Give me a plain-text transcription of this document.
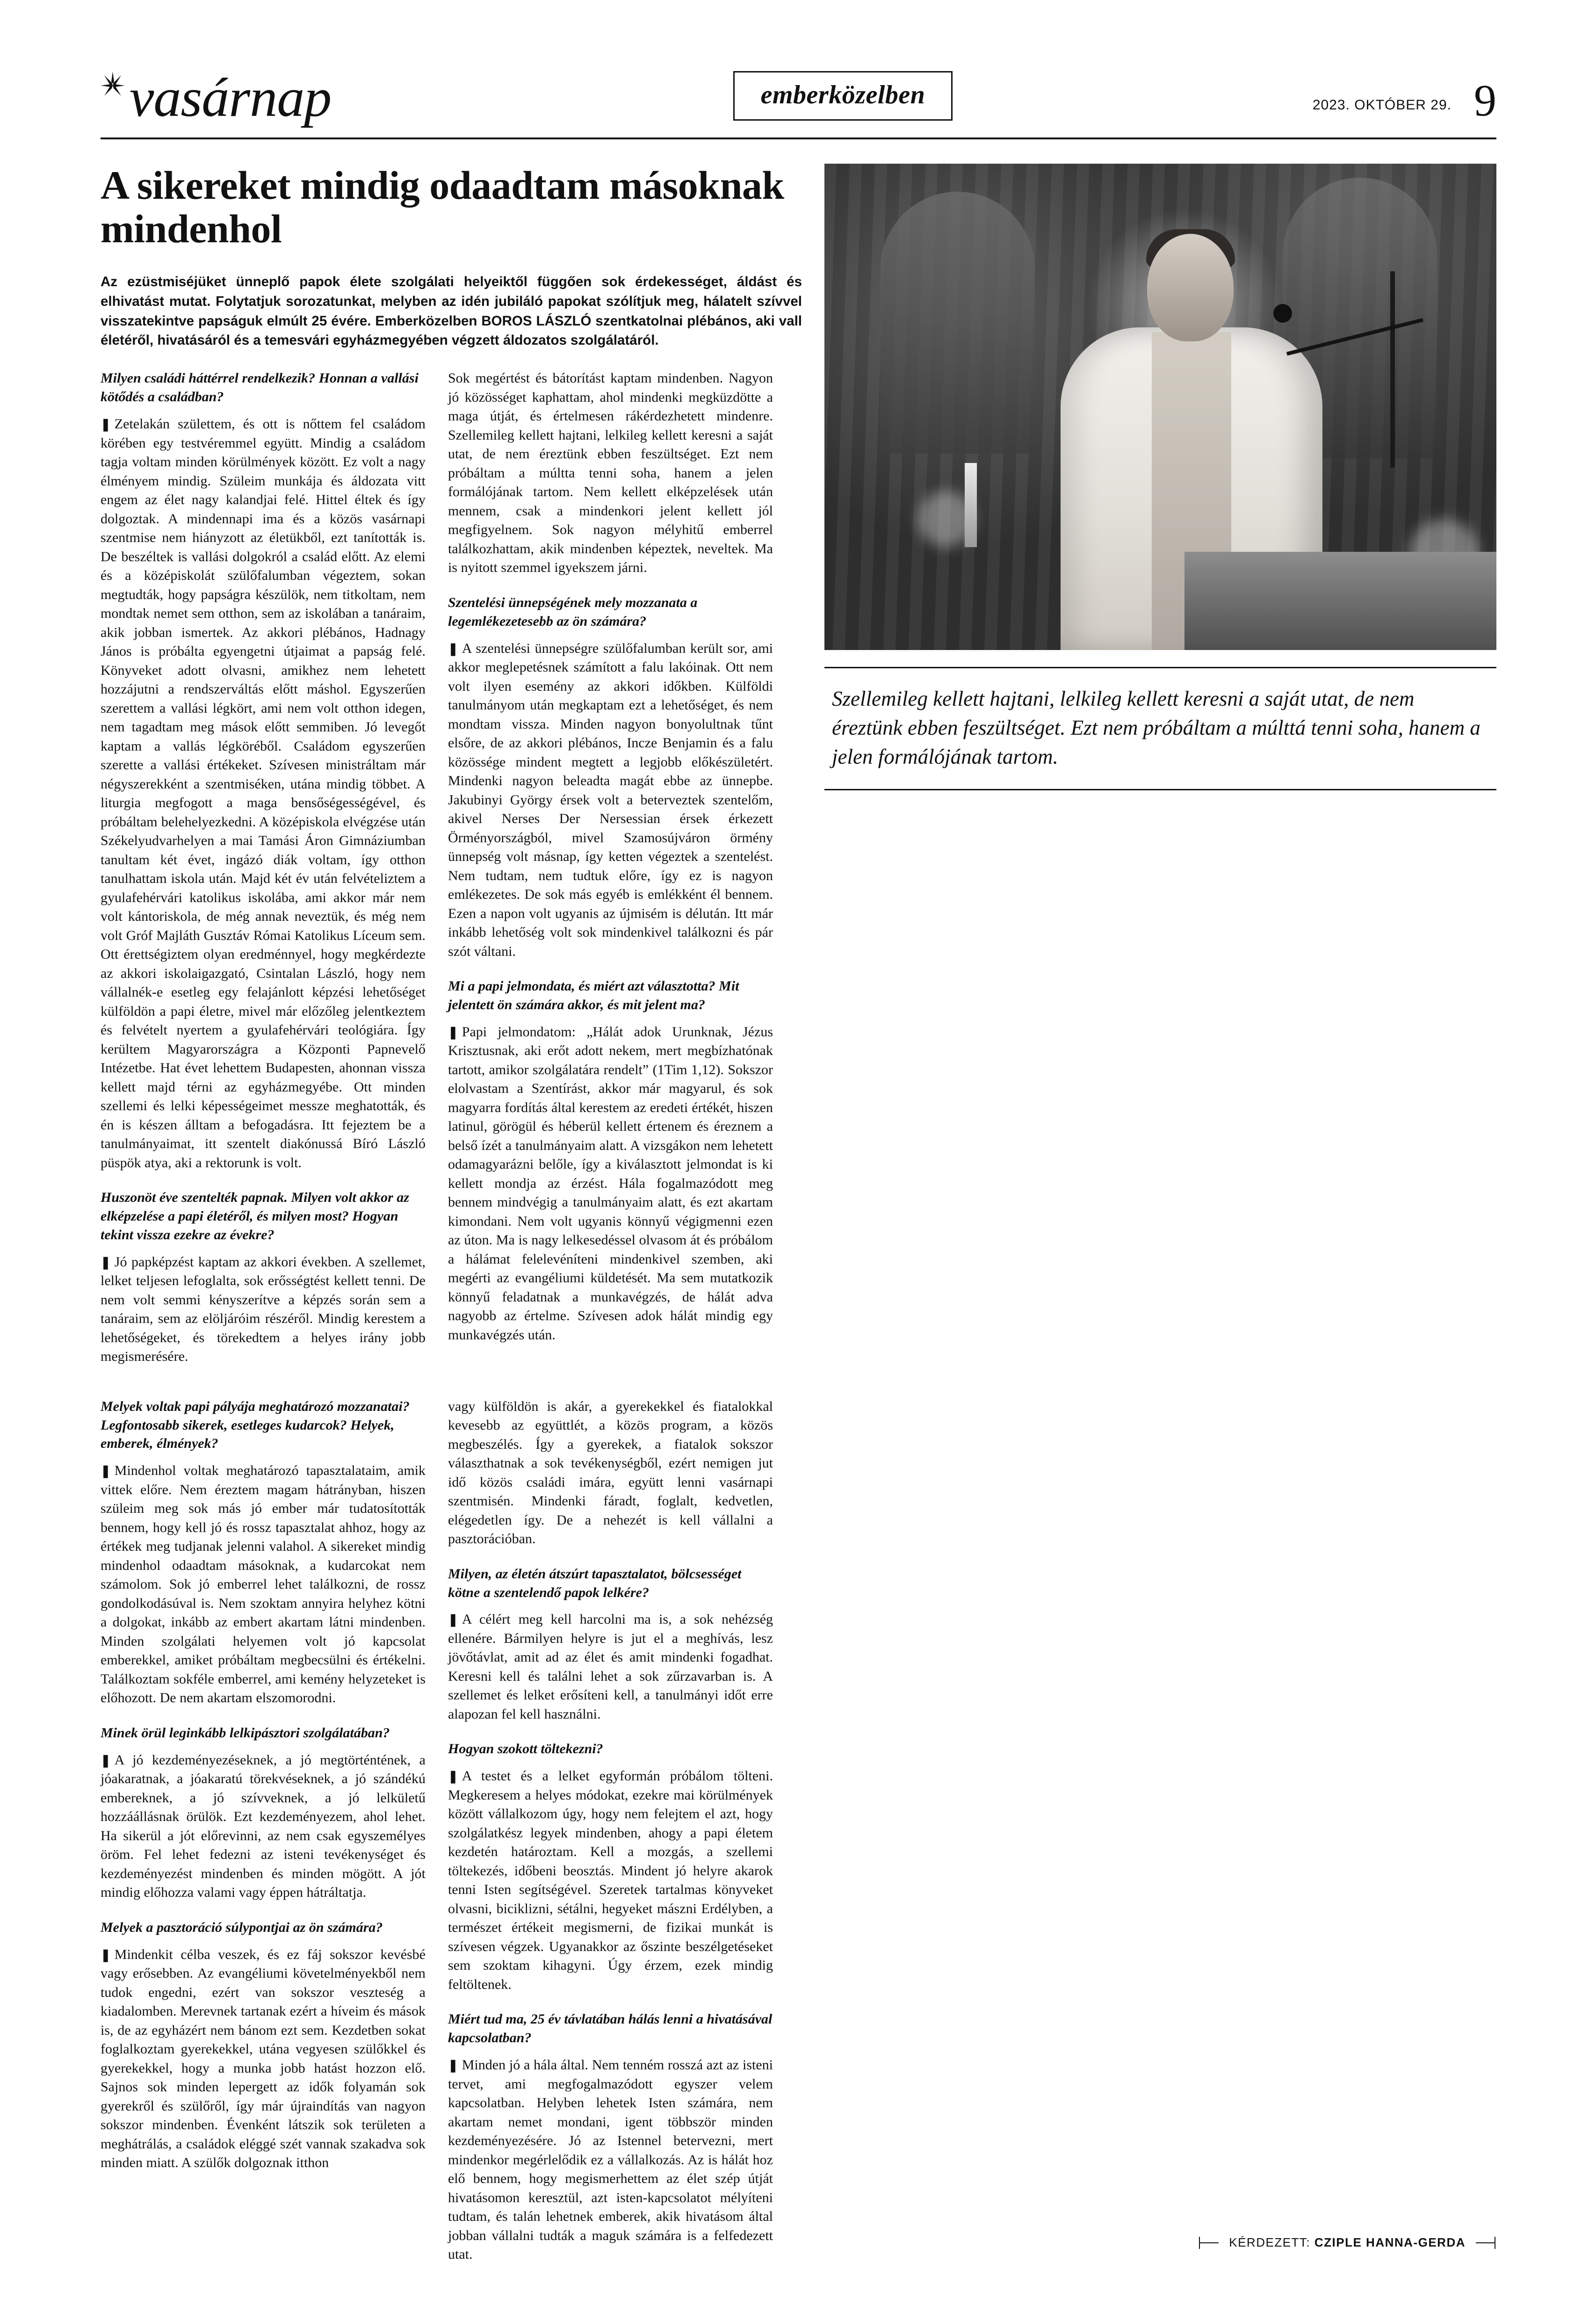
vasárnap	emberközelben	2023. OKTÓBER 29. 9
A sikereket mindig odaadtam másoknak mindenhol
Az ezüstmiséjüket ünneplő papok élete szolgálati helyeiktől függően sok érdekességet, áldást és elhivatást mutat. Folytatjuk sorozatunkat, melyben az idén jubiláló papokat szólítjuk meg, hálatelt szívvel visszatekintve papságuk elmúlt 25 évére. Emberközelben BOROS LÁSZLÓ szentkatolnai plébános, aki vall életéről, hivatásáról és a temesvári egyházmegyében végzett áldozatos szolgálatáról.
Milyen családi háttérrel rendelkezik? Honnan a vallási kötődés a családban?
❚ Zetelakán születtem, és ott is nőttem fel családom körében egy testvéremmel együtt. Mindig a családom tagja voltam minden körülmények között. Ez volt a nagy élményem mindig. Szüleim munkája és áldozata vitt engem az élet nagy kalandjai felé. Hittel éltek és így dolgoztak. A mindennapi ima és a közös vasárnapi szentmise nem hiányzott az életükből, ezt tanították is. De beszéltek is vallási dolgokról a család előtt. Az elemi és a középiskolát szülőfalumban végeztem, sokan megtudták, hogy papságra készülök, nem titkoltam, nem mondtak nemet sem otthon, sem az iskolában a tanáraim, akik jobban ismertek. Az akkori plébános, Hadnagy János is próbálta egyengetni útjaimat a papság felé. Könyveket adott olvasni, amikhez nem lehetett hozzájutni a rendszerváltás előtt máshol. Egyszerűen szerettem a vallási légkört, ami nem volt otthon idegen, nem tagadtam meg mások előtt semmiben. Jó levegőt kaptam a vallás légköréből. Családom egyszerűen szerette a vallási értékeket. Szívesen ministráltam már négyszerekként a szentmiséken, utána mindig többet. A liturgia megfogott a maga bensőségességével, és próbáltam belehelyezkedni. A középiskola elvégzése után Székelyudvarhelyen a mai Tamási Áron Gimnáziumban tanultam két évet, ingázó diák voltam, így otthon tanulhattam iskola után. Majd két év után felvételiztem a gyulafehérvári katolikus iskolába, ami akkor már nem volt kántoriskola, de még annak neveztük, és még nem volt Gróf Majláth Gusztáv Római Katolikus Líceum sem. Ott érettségiztem olyan eredménnyel, hogy megkérdezte az akkori iskolaigazgató, Csintalan László, hogy nem vállalnék-e esetleg egy felajánlott képzési lehetőséget külföldön a papi életre, mivel már előzőleg jelentkeztem és felvételt nyertem a gyulafehérvári teológiára. Így kerültem Magyarországra a Központi Papnevelő Intézetbe. Hat évet lehettem Budapesten, ahonnan vissza kellett majd térni az egyházmegyébe. Ott minden szellemi és lelki képességeimet messze meghatották, és én is készen álltam a befogadásra. Itt fejeztem be a tanulmányaimat, itt szentelt diakónussá Bíró László püspök atya, aki a rektorunk is volt.
Huszonöt éve szentelték papnak. Milyen volt akkor az elképzelése a papi életéről, és milyen most? Hogyan tekint vissza ezekre az évekre?
❚ Jó papképzést kaptam az akkori években. A szellemet, lelket teljesen lefoglalta, sok erősségtést kellett tenni. De nem volt semmi kényszerítve a képzés során sem a tanáraim, sem az elöljáróim részéről. Mindig kerestem a lehetőségeket, és törekedtem a helyes irány jobb megismerésére.
Sok megértést és bátorítást kaptam mindenben. Nagyon jó közösséget kaphattam, ahol mindenki megküzdötte a maga útját, és értelmesen rákérdezhetett mindenre. Szellemileg kellett hajtani, lelkileg kellett keresni a saját utat, de nem éreztünk ebben feszültséget. Ezt nem próbáltam a múltta tenni soha, hanem a jelen formálójának tartom. Nem kellett elképzelések után mennem, csak a mindenkori jelent kellett jól megfigyelnem. Sok nagyon mélyhitű emberrel találkozhattam, akik mindenben képeztek, neveltek. Ma is nyitott szemmel igyekszem járni.
Szentelési ünnepségének mely mozzanata a legemlékezetesebb az ön számára?
❚ A szentelési ünnepségre szülőfalumban került sor, ami akkor meglepetésnek számított a falu lakóinak. Ott nem volt ilyen esemény az akkori időkben. Külföldi tanulmányom után megkaptam ezt a lehetőséget, és nem mondtam vissza. Minden nagyon bonyolultnak tűnt elsőre, de az akkori plébános, Incze Benjamin és a falu közössége mindent megtett a legjobb előkészületért. Mindenki nagyon beleadta magát ebbe az ünnepbe. Jakubinyi György érsek volt a beterveztek szentelőm, akivel Nerses Der Nersessian érsek érkezett Örményországból, mivel Szamosújváron örmény ünnepség volt másnap, így ketten végeztek a szentelést. Nem tudtam, nem tudtuk előre, így ez is nagyon emlékezetes. De sok más egyéb is emlékként él bennem. Ezen a napon volt ugyanis az újmisém is délután. Itt már inkább lehetőség volt sok mindenkivel találkozni és pár szót váltani.
Mi a papi jelmondata, és miért azt választotta? Mit jelentett ön számára akkor, és mit jelent ma?
❚ Papi jelmondatom: „Hálát adok Urunknak, Jézus Krisztusnak, aki erőt adott nekem, mert megbízhatónak tartott, amikor szolgálatára rendelt” (1Tim 1,12). Sokszor elolvastam a Szentírást, akkor már magyarul, és sok magyarra fordítás által kerestem az eredeti értékét, hiszen latinul, görögül és héberül kellett értenem és éreznem a belső ízét a tanulmányaim alatt. A vizsgákon nem lehetett odamagyarázni belőle, így a kiválasztott jelmondat is ki kellett mondja az érzést. Hála fogalmazódott meg bennem mindvégig a tanulmányaim alatt, és ezt akartam kimondani. Nem volt ugyanis könnyű végigmenni ezen az úton. Ma is nagy lelkesedéssel olvasom át és próbálom a hálámat felelevéníteni mindenkivel szemben, aki megérti az evangéliumi küldetését. Ma sem mutatkozik könnyű feladatnak a munkavégzés, de hálát adva nagyobb az értelme. Szívesen adok hálát mindig egy munkavégzés után.
Szellemileg kellett hajtani, lelkileg kellett keresni a saját utat, de nem éreztünk ebben feszültséget. Ezt nem próbáltam a múlttá tenni soha, hanem a jelen formálójának tartom.
Melyek voltak papi pályája meghatározó mozzanatai? Legfontosabb sikerek, esetleges kudarcok? Helyek, emberek, élmények?
❚ Mindenhol voltak meghatározó tapasztalataim, amik vittek előre. Nem éreztem magam hátrányban, hiszen szüleim meg sok más jó ember már tudatosították bennem, hogy kell jó és rossz tapasztalat ahhoz, hogy az értékek meg tudjanak jelenni valahol. A sikereket mindig mindenhol odaadtam másoknak, a kudarcokat nem számolom. Sok jó emberrel lehet találkozni, de rossz gondolkodásúval is. Nem szoktam annyira helyhez kötni a dolgokat, inkább az embert akartam látni mindenben. Minden szolgálati helyemen volt jó kapcsolat emberekkel, amiket próbáltam megbecsülni és értékelni. Találkoztam sokféle emberrel, ami kemény helyzeteket is előhozott. De nem akartam elszomorodni.
Minek örül leginkább lelkipásztori szolgálatában?
❚ A jó kezdeményezéseknek, a jó megtörténtének, a jóakaratnak, a jóakaratú törekvéseknek, a jó szándékú embereknek, a jó szívveknek, a jó lelkületű hozzáállásnak örülök. Ezt kezdeményezem, ahol lehet. Ha sikerül a jót előrevinni, az nem csak egyszemélyes öröm. Fel lehet fedezni az isteni tevékenységet és kezdeményezést mindenben és minden mögött. A jót mindig előhozza valami vagy éppen hátráltatja.
Melyek a pasztoráció súlypontjai az ön számára?
❚ Mindenkit célba veszek, és ez fáj sokszor kevésbé vagy erősebben. Az evangéliumi követelményekből nem tudok engedni, ezért van sokszor veszteség a kiadalomben. Merevnek tartanak ezért a híveim és mások is, de az egyházért nem bánom ezt sem. Kezdetben sokat foglalkoztam gyerekekkel, utána vegyesen szülőkkel és gyerekekkel, hogy a munka jobb hatást hozzon elő. Sajnos sok minden lepergett az idők folyamán sok gyerekről és szülőről, így már újraindítás van nagyon sokszor mindenben. Évenként látszik sok területen a meghátrálás, a családok eléggé szét vannak szakadva sok minden miatt. A szülők dolgoznak itthon
vagy külföldön is akár, a gyerekekkel és fiatalokkal kevesebb az együttlét, a közös program, a közös megbeszélés. Így a gyerekek, a fiatalok sokszor választhatnak a sok tevékenységből, ezért nemigen jut idő közös családi imára, együtt lenni vasárnapi szentmisén. Mindenki fáradt, foglalt, kedvetlen, elégedetlen így. De a nehezét is kell vállalni a pasztorációban.
Milyen, az életén átszúrt tapasztalatot, bölcsességet kötne a szentelendő papok lelkére?
❚ A célért meg kell harcolni ma is, a sok nehézség ellenére. Bármilyen helyre is jut el a meghívás, lesz jövőtávlat, amit ad az élet és amit mindenki fogadhat. Keresni kell és találni lehet a sok zűrzavarban is. A szellemet és lelket erősíteni kell, a tanulmányi időt erre alapozan fel kell használni.
Hogyan szokott töltekezni?
❚ A testet és a lelket egyformán próbálom tölteni. Megkeresem a helyes módokat, ezekre mai körülmények között vállalkozom úgy, hogy nem felejtem el azt, hogy szolgálatkész legyek mindenben, ahogy a papi életem kezdetén határoztam. Kell a mozgás, a szellemi töltekezés, időbeni beosztás. Mindent jó helyre akarok tenni Isten segítségével. Szeretek tartalmas könyveket olvasni, biciklizni, sétálni, hegyeket mászni Erdélyben, a természet értékeit megismerni, de fizikai munkát is szívesen végzek. Ugyanakkor az őszinte beszélgetéseket sem szoktam kihagyni. Úgy érzem, ezek mindig feltöltenek.
Miért tud ma, 25 év távlatában hálás lenni a hivatásával kapcsolatban?
❚ Minden jó a hála által. Nem tenném rosszá azt az isteni tervet, ami megfogalmazódott egyszer velem kapcsolatban. Helyben lehetek Isten számára, nem akartam nemet mondani, igent többször minden kezdeményezésére. Jó az Istennel betervezni, mert mindenkor megérlelődik ez a vállalkozás. Az is hálát hoz elő bennem, hogy megismerhettem az élet szép útját hivatásomon keresztül, azt isten-kapcsolatot mélyíteni tudtam, és talán lehetnek emberek, akik hivatásom által jobban vállalni tudták a maguk számára is a felfedezett utat.
KÉRDEZETT: CZIPLE HANNA-GERDA
